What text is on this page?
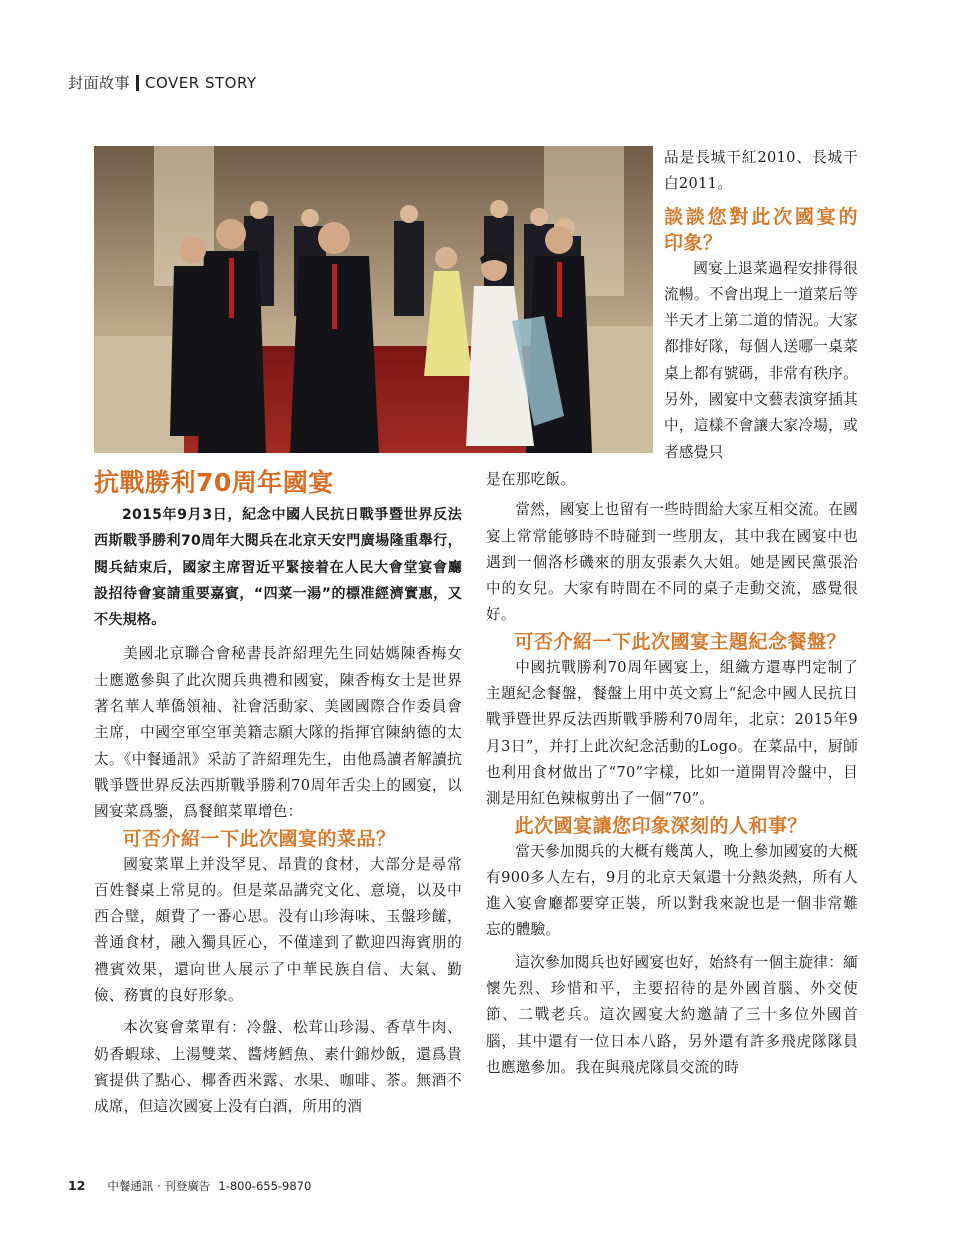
封面故事 COVER STORY
抗戰勝利70周年國宴

品是長城干紅2010、長城干白2011。

談談您對此次國宴的印象？

國宴上退菜過程安排得很流暢。不會出現上一道菜后等半天才上第二道的情況。大家都排好隊，每個人送哪一桌菜桌上都有號碼，非常有秩序。另外，國宴中文藝表演穿插其中，這樣不會讓大家冷場，或者感覺只

2015年9月3日，紀念中國人民抗日戰爭暨世界反法西斯戰爭勝利70周年大閱兵在北京天安門廣場隆重舉行，閱兵結束后，國家主席習近平緊接着在人民大會堂宴會廳設招待會宴請重要嘉賓，“四菜一湯”的標准經濟實惠，又不失規格。

美國北京聯合會秘書長許紹理先生同姑媽陳香梅女士應邀參與了此次閱兵典禮和國宴，陳香梅女士是世界著名華人華僑領袖、社會活動家、美國國際合作委員會主席，中國空軍空軍美籍志願大隊的指揮官陳納德的太太。《中餐通訊》采訪了許紹理先生，由他爲讀者解讀抗戰爭暨世界反法西斯戰爭勝利70周年舌尖上的國宴，以國宴菜爲鑒，爲餐館菜單增色：

可否介紹一下此次國宴的菜品？

國宴菜單上并没罕見、昂貴的食材，大部分是尋常百姓餐桌上常見的。但是菜品講究文化、意境，以及中西合璧，頗費了一番心思。没有山珍海味、玉盤珍饈，普通食材，融入獨具匠心，不僅達到了歡迎四海賓朋的禮賓效果，還向世人展示了中華民族自信、大氣、勤儉、務實的良好形象。

本次宴會菜單有：冷盤、松茸山珍湯、香草牛肉、奶香蝦球、上湯雙菜、醬烤鱈魚、素什錦炒飯，還爲貴賓提供了點心、椰香西米露、水果、咖啡、茶。無酒不成席，但這次國宴上没有白酒，所用的酒

是在那吃飯。

當然，國宴上也留有一些時間給大家互相交流。在國宴上常常能够時不時碰到一些朋友，其中我在國宴中也遇到一個洛杉磯來的朋友張素久大姐。她是國民黨張治中的女兒。大家有時間在不同的桌子走動交流，感覺很好。

可否介紹一下此次國宴主題紀念餐盤？

中國抗戰勝利70周年國宴上，組織方還專門定制了主題紀念餐盤，餐盤上用中英文寫上“紀念中國人民抗日戰爭暨世界反法西斯戰爭勝利70周年，北京：2015年9月3日”，并打上此次紀念活動的Logo。在菜品中，厨師也利用食材做出了“70”字樣，比如一道開胃冷盤中，目測是用紅色辣椒剪出了一個“70”。

此次國宴讓您印象深刻的人和事？

當天參加閱兵的大概有幾萬人，晚上參加國宴的大概有900多人左右，9月的北京天氣還十分熱炎熱，所有人進入宴會廳都要穿正裝，所以對我來說也是一個非常難忘的體驗。

這次參加閱兵也好國宴也好，始終有一個主旋律：緬懷先烈、珍惜和平，主要招待的是外國首腦、外交使節、二戰老兵。這次國宴大約邀請了三十多位外國首腦，其中還有一位日本八路，另外還有許多飛虎隊隊員也應邀參加。我在與飛虎隊員交流的時

12 中餐通訊 · 刊登廣告 1-800-655-9870
